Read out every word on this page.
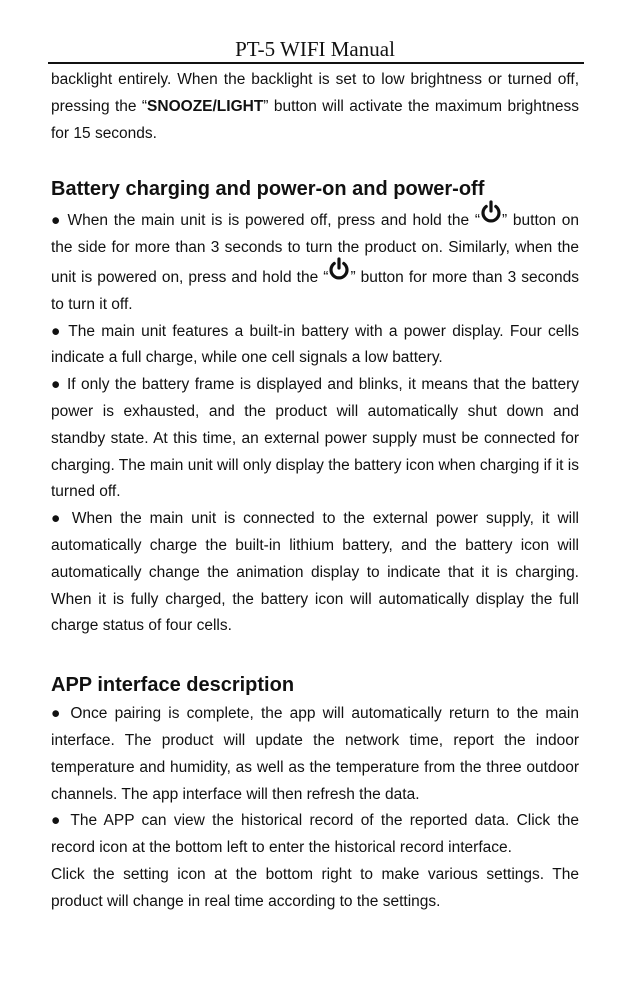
PT-5 WIFI Manual

backlight entirely. When the backlight is set to low brightness or turned off, pressing the “SNOOZE/LIGHT” button will activate the maximum brightness for 15 seconds.

Battery charging and power-on and power-off

● When the main unit is is powered off, press and hold the “ ” button on the side for more than 3 seconds to turn the product on. Similarly, when the unit is powered on, press and hold the “ ” button for more than 3 seconds to turn it off.

● The main unit features a built-in battery with a power display. Four cells indicate a full charge, while one cell signals a low battery.

● If only the battery frame is displayed and blinks, it means that the battery power is exhausted, and the product will automatically shut down and standby state. At this time, an external power supply must be connected for charging. The main unit will only display the battery icon when charging if it is turned off.

● When the main unit is connected to the external power supply, it will automatically charge the built-in lithium battery, and the battery icon will automatically change the animation display to indicate that it is charging. When it is fully charged, the battery icon will automatically display the full charge status of four cells.

APP interface description

● Once pairing is complete, the app will automatically return to the main interface. The product will update the network time, report the indoor temperature and humidity, as well as the temperature from the three outdoor channels. The app interface will then refresh the data.

● The APP can view the historical record of the reported data. Click the record icon at the bottom left to enter the historical record interface.

Click the setting icon at the bottom right to make various settings. The product will change in real time according to the settings.
